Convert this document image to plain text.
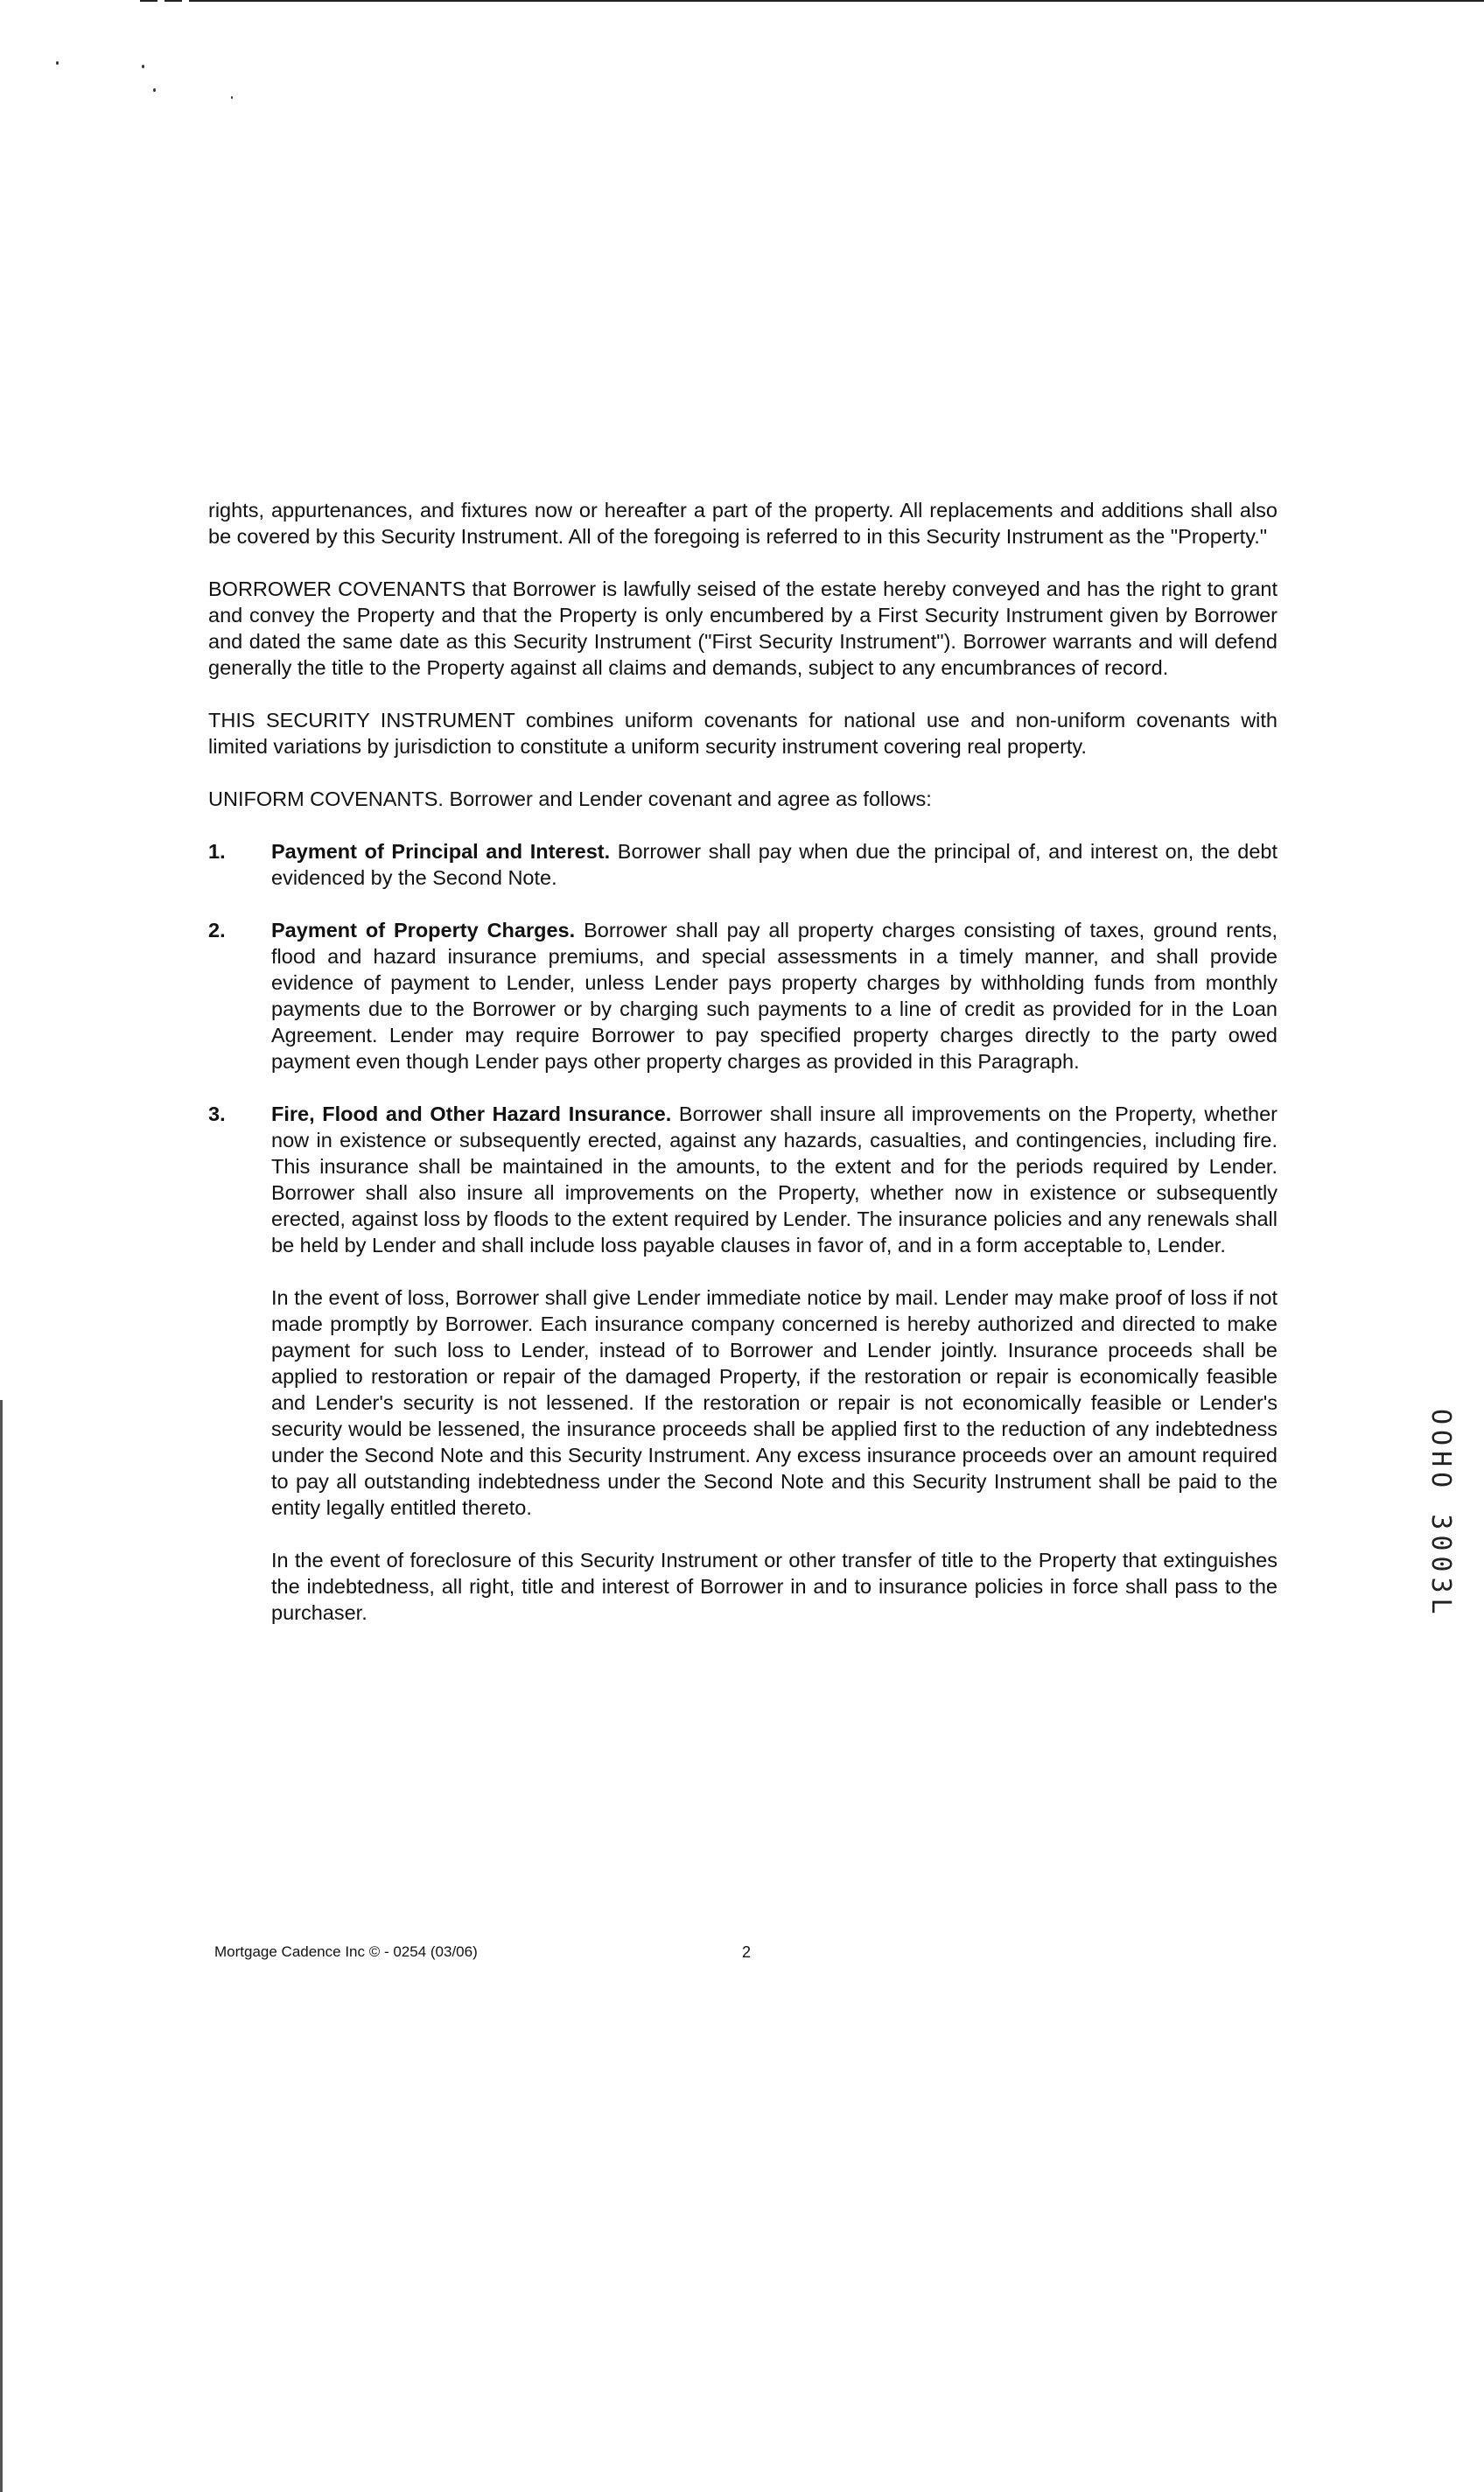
rights, appurtenances, and fixtures now or hereafter a part of the property. All replacements and additions shall also be covered by this Security Instrument. All of the foregoing is referred to in this Security Instrument as the "Property."

BORROWER COVENANTS that Borrower is lawfully seised of the estate hereby conveyed and has the right to grant and convey the Property and that the Property is only encumbered by a First Security Instrument given by Borrower and dated the same date as this Security Instrument ("First Security Instrument"). Borrower warrants and will defend generally the title to the Property against all claims and demands, subject to any encumbrances of record.

THIS SECURITY INSTRUMENT combines uniform covenants for national use and non-uniform covenants with limited variations by jurisdiction to constitute a uniform security instrument covering real property.

UNIFORM COVENANTS. Borrower and Lender covenant and agree as follows:

1. Payment of Principal and Interest. Borrower shall pay when due the principal of, and interest on, the debt evidenced by the Second Note.
2. Payment of Property Charges. Borrower shall pay all property charges consisting of taxes, ground rents, flood and hazard insurance premiums, and special assessments in a timely manner, and shall provide evidence of payment to Lender, unless Lender pays property charges by withholding funds from monthly payments due to the Borrower or by charging such payments to a line of credit as provided for in the Loan Agreement. Lender may require Borrower to pay specified property charges directly to the party owed payment even though Lender pays other property charges as provided in this Paragraph.
3. Fire, Flood and Other Hazard Insurance. Borrower shall insure all improvements on the Property, whether now in existence or subsequently erected, against any hazards, casualties, and contingencies, including fire. This insurance shall be maintained in the amounts, to the extent and for the periods required by Lender. Borrower shall also insure all improvements on the Property, whether now in existence or subsequently erected, against loss by floods to the extent required by Lender. The insurance policies and any renewals shall be held by Lender and shall include loss payable clauses in favor of, and in a form acceptable to, Lender.

In the event of loss, Borrower shall give Lender immediate notice by mail. Lender may make proof of loss if not made promptly by Borrower. Each insurance company concerned is hereby authorized and directed to make payment for such loss to Lender, instead of to Borrower and Lender jointly. Insurance proceeds shall be applied to restoration or repair of the damaged Property, if the restoration or repair is economically feasible and Lender's security is not lessened. If the restoration or repair is not economically feasible or Lender's security would be lessened, the insurance proceeds shall be applied first to the reduction of any indebtedness under the Second Note and this Security Instrument. Any excess insurance proceeds over an amount required to pay all outstanding indebtedness under the Second Note and this Security Instrument shall be paid to the entity legally entitled thereto.

In the event of foreclosure of this Security Instrument or other transfer of title to the Property that extinguishes the indebtedness, all right, title and interest of Borrower in and to insurance policies in force shall pass to the purchaser.

Mortgage Cadence Inc © - 0254 (03/06)	2
OOHO 3003L
